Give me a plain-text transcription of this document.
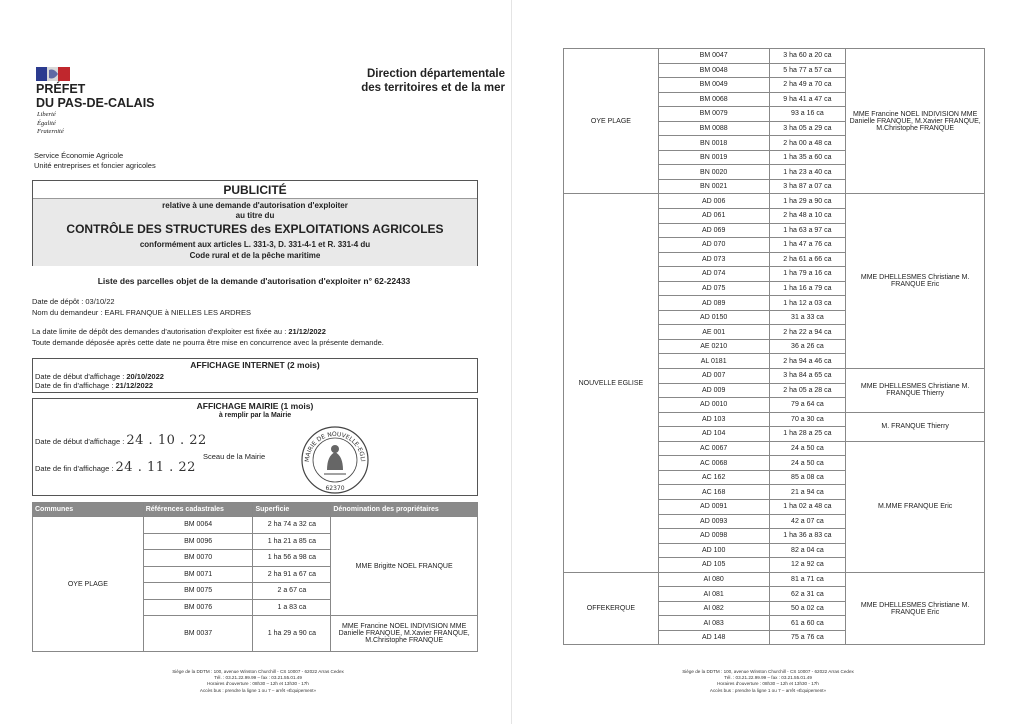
PRÉFET
DU PAS-DE-CALAIS
Liberté
Égalité
Fraternité
Direction départementale
des territoires et de la mer
Service Économie Agricole
Unité entreprises et foncier agricoles
PUBLICITÉ
relative à une demande d'autorisation d'exploiter
au titre du
CONTRÔLE DES STRUCTURES des EXPLOITATIONS AGRICOLES
conformément aux articles L. 331-3, D. 331-4-1 et R. 331-4 du
Code rural et de la pêche maritime
Liste des parcelles objet de la demande d'autorisation d'exploiter n° 62-22433
Date de dépôt : 03/10/22
Nom du demandeur : EARL FRANQUE à NIELLES LES ARDRES
La date limite de dépôt des demandes d'autorisation d'exploiter est fixée au : 21/12/2022
Toute demande déposée après cette date ne pourra être mise en concurrence avec la présente demande.
AFFICHAGE INTERNET (2 mois)
Date de début d'affichage : 20/10/2022
Date de fin d'affichage : 21/12/2022
AFFICHAGE MAIRIE (1 mois)
à remplir par la Mairie
Date de début d'affichage : 24 . 10 . 22
Date de fin d'affichage : 24 . 11 . 22
Sceau de la Mairie	MAIRIE DE NOUVELLE-EGLI
62370
Communes	Références cadastrales	Superficie	Dénomination des propriétaires
OYE PLAGE	BM 0064	2 ha 74 a 32 ca	MME Brigitte NOEL FRANQUE
	BM 0096	1 ha 21 a 85 ca	
	BM 0070	1 ha 56 a 98 ca	
	BM 0071	2 ha 91 a 67 ca	
	BM 0075	2 a 67 ca	
	BM 0076	1 a 83 ca	
	BM 0037	1 ha 29 a 90 ca	MME Francine NOEL INDIVISION MME Danielle FRANQUE, M.Xavier FRANQUE, M.Christophe FRANQUE
Siège de la DDTM : 100, avenue Winston Churchill - CS 10007 - 62022 Arras Cedex
Tél. : 03.21.22.99.99 – fax : 03.21.55.01.49
Horaires d'ouverture : 08h30 – 12h et 13h30 - 17h
Accès bus : prendre la ligne 1 ou 7 – arrêt «Équipement»
OYE PLAGE	BM 0047	3 ha 60 a 20 ca	MME Francine NOEL INDIVISION MME Danielle FRANQUE, M.Xavier FRANQUE, M.Christophe FRANQUE
	BM 0048	5 ha 77 a 57 ca	
	BM 0049	2 ha 49 a 70 ca	
	BM 0068	9 ha 41 a 47 ca	
	BM 0079	93 a 16 ca	
	BM 0088	3 ha 05 a 29 ca	
	BN 0018	2 ha 00 a 48 ca	
	BN 0019	1 ha 35 a 60 ca	
	BN 0020	1 ha 23 a 40 ca	
	BN 0021	3 ha 87 a 07 ca	
NOUVELLE EGLISE	AD 006	1 ha 29 a 90 ca	MME DHELLESMES Christiane M. FRANQUE Eric
	AD 061	2 ha 48 a 10 ca	
	AD 069	1 ha 63 a 97 ca	
	AD 070	1 ha 47 a 76 ca	
	AD 073	2 ha 61 a 66 ca	
	AD 074	1 ha 79 a 16 ca	
	AD 075	1 ha 16 a 79 ca	
	AD 089	1 ha 12 a 03 ca	
	AD 0150	31 a 33 ca	
	AE 001	2 ha 22 a 94 ca	
	AE 0210	36 a 26 ca	
	AL 0181	2 ha 94 a 46 ca	
	AD 007	3 ha 84 a 65 ca	MME DHELLESMES Christiane M. FRANQUE Thierry
	AD 009	2 ha 05 a 28 ca	
	AD 0010	79 a 64 ca	
	AD 103	70 a 30 ca	M. FRANQUE Thierry
	AD 104	1 ha 28 a 25 ca	
	AC 0067	24 a 50 ca	M.MME FRANQUE Eric
	AC 0068	24 a 50 ca	
	AC 162	85 a 08 ca	
	AC 168	21 a 94 ca	
	AD 0091	1 ha 02 a 48 ca	
	AD 0093	42 a 07 ca	
	AD 0098	1 ha 36 a 83 ca	
	AD 100	82 a 04 ca	
	AD 105	12 a 92 ca	
OFFEKERQUE	AI 080	81 a 71 ca	MME DHELLESMES Christiane M. FRANQUE Eric
	AI 081	62 a 31 ca	
	AI 082	50 a 02 ca	
	AI 083	61 a 60 ca	
	AD 148	75 a 76 ca	
Siège de la DDTM : 100, avenue Winston Churchill - CS 10007 - 62022 Arras Cedex
Tél. : 03.21.22.99.99 – fax : 03.21.55.01.49
Horaires d'ouverture : 08h30 – 12h et 13h30 - 17h
Accès bus : prendre la ligne 1 ou 7 – arrêt «Équipement»
